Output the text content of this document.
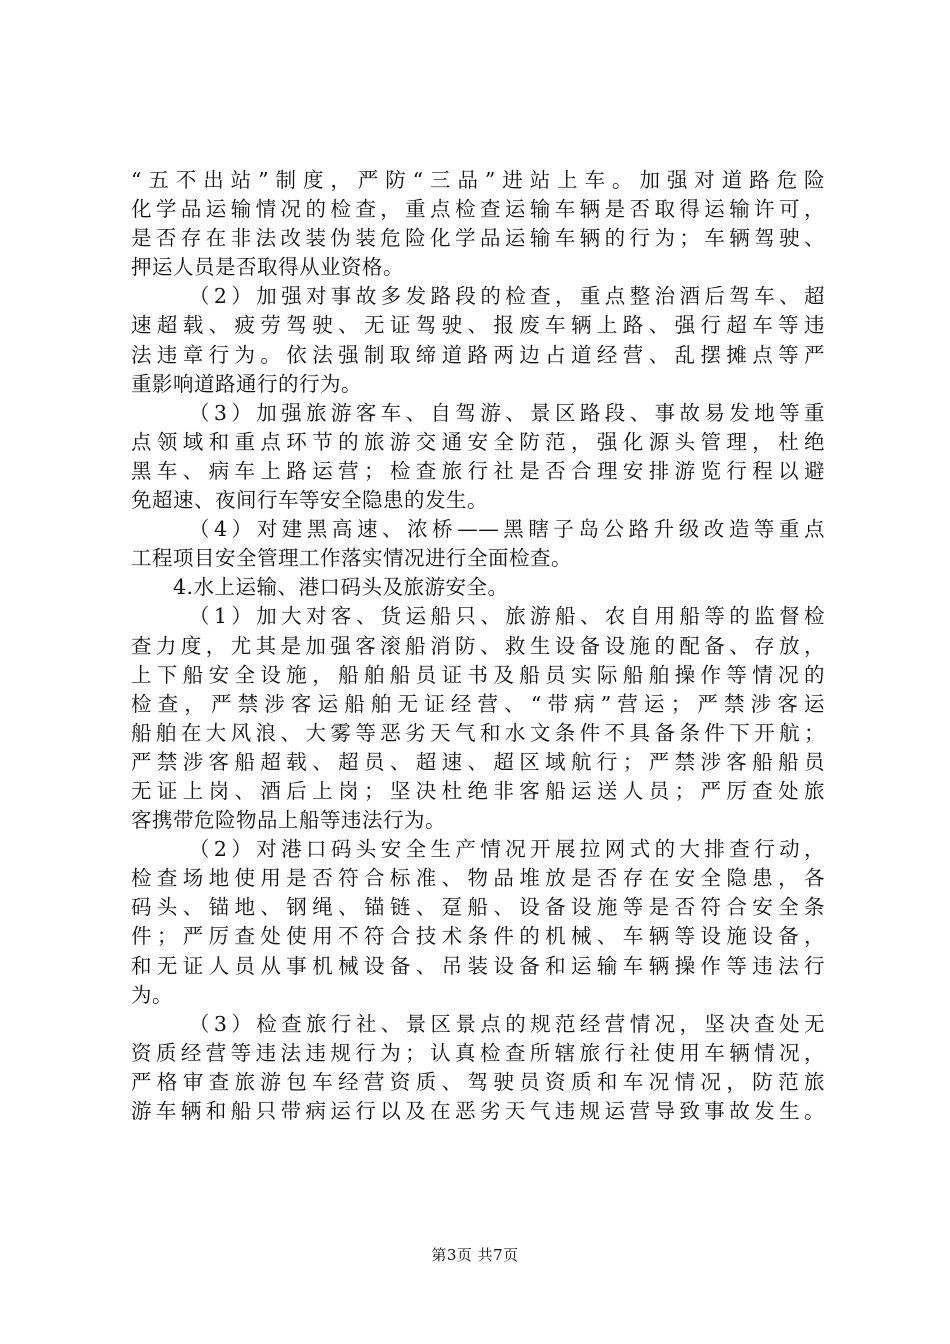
“五不出站”制度，严防“三品”进站上车。加强对道路危险
化学品运输情况的检查，重点检查运输车辆是否取得运输许可，
是否存在非法改装伪装危险化学品运输车辆的行为；车辆驾驶、
押运人员是否取得从业资格。

（2）加强对事故多发路段的检查，重点整治酒后驾车、超
速超载、疲劳驾驶、无证驾驶、报废车辆上路、强行超车等违
法违章行为。依法强制取缔道路两边占道经营、乱摆摊点等严
重影响道路通行的行为。

（3）加强旅游客车、自驾游、景区路段、事故易发地等重
点领域和重点环节的旅游交通安全防范，强化源头管理，杜绝
黑车、病车上路运营；检查旅行社是否合理安排游览行程以避
免超速、夜间行车等安全隐患的发生。

（4）对建黑高速、浓桥——黑瞎子岛公路升级改造等重点
工程项目安全管理工作落实情况进行全面检查。

4.水上运输、港口码头及旅游安全。

（1）加大对客、货运船只、旅游船、农自用船等的监督检
查力度，尤其是加强客滚船消防、救生设备设施的配备、存放，
上下船安全设施，船舶船员证书及船员实际船舶操作等情况的
检查，严禁涉客运船舶无证经营、“带病”营运；严禁涉客运
船舶在大风浪、大雾等恶劣天气和水文条件不具备条件下开航；
严禁涉客船超载、超员、超速、超区域航行；严禁涉客船船员
无证上岗、酒后上岗；坚决杜绝非客船运送人员；严厉查处旅
客携带危险物品上船等违法行为。

（2）对港口码头安全生产情况开展拉网式的大排查行动，
检查场地使用是否符合标准、物品堆放是否存在安全隐患，各
码头、锚地、钢绳、锚链、趸船、设备设施等是否符合安全条
件；严厉查处使用不符合技术条件的机械、车辆等设施设备，
和无证人员从事机械设备、吊装设备和运输车辆操作等违法行
为。

（3）检查旅行社、景区景点的规范经营情况，坚决查处无
资质经营等违法违规行为；认真检查所辖旅行社使用车辆情况，
严格审查旅游包车经营资质、驾驶员资质和车况情况，防范旅
游车辆和船只带病运行以及在恶劣天气违规运营导致事故发生。

第3页 共7页
